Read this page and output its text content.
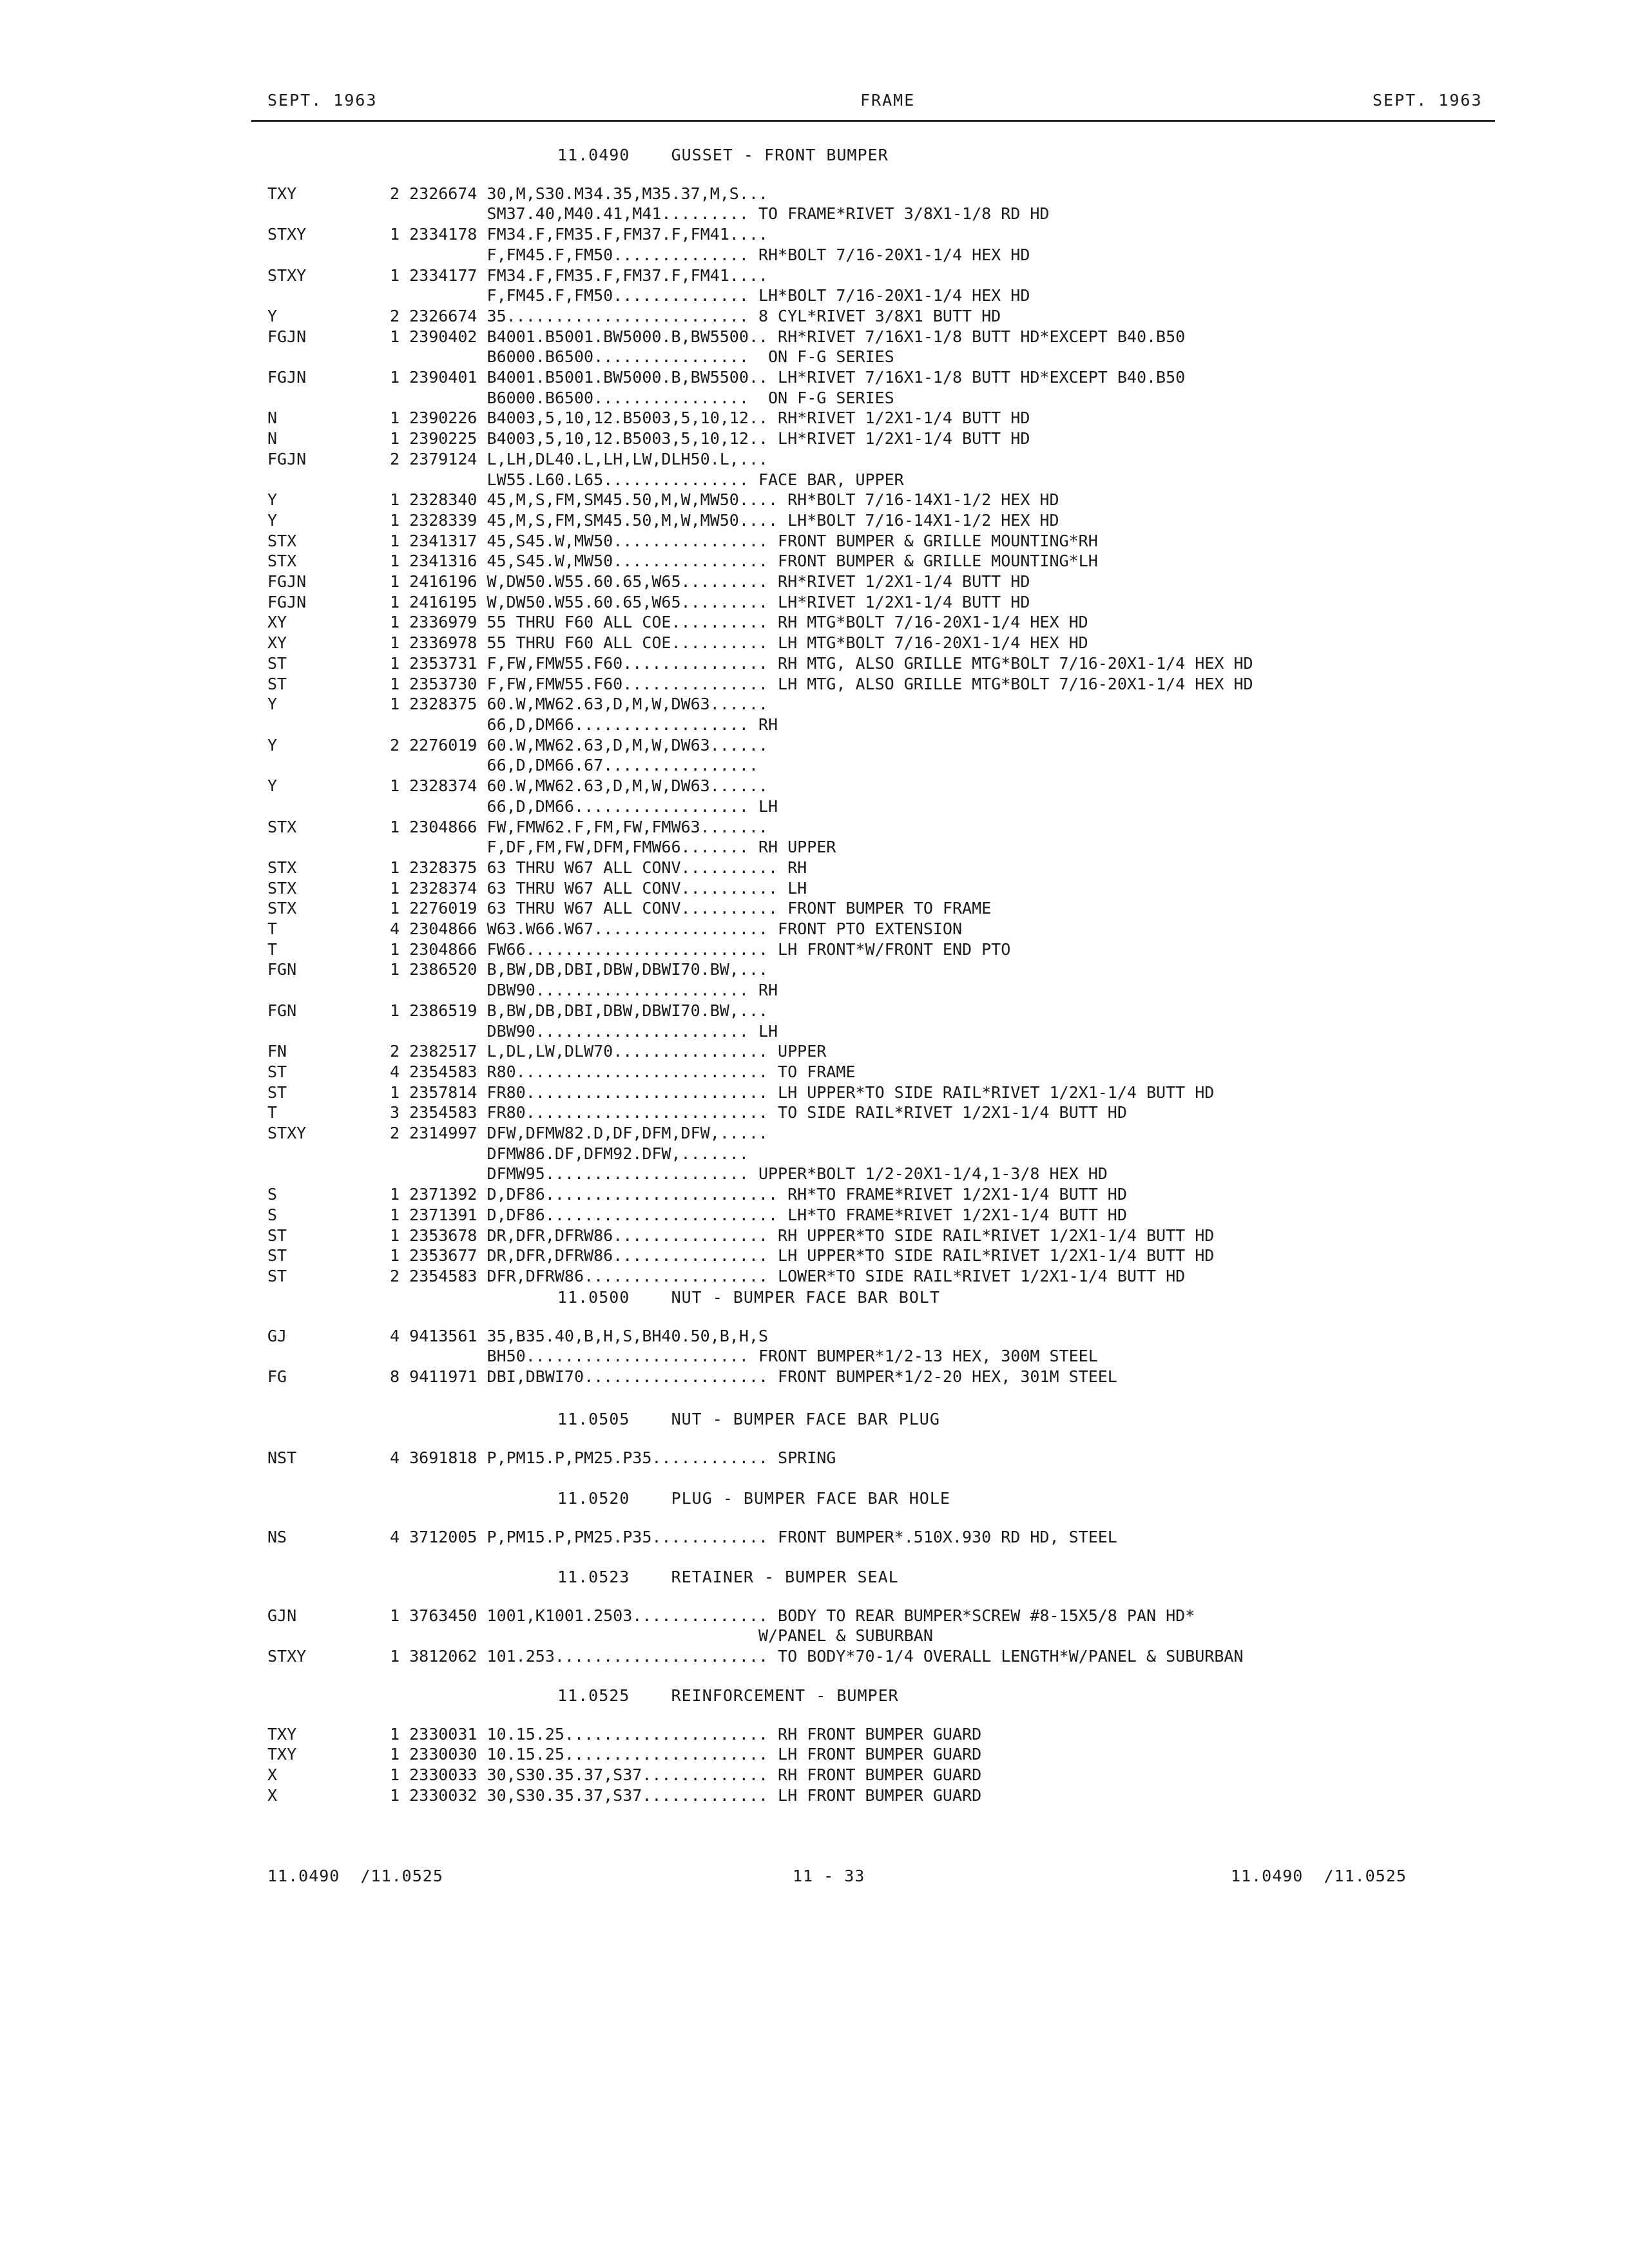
SEPT. 1963	FRAME	SEPT. 1963
11.0490    GUSSET - FRONT BUMPER
TXY	2 2326674 30,M,S30.M34.35,M35.37,M,S...
SM37.40,M40.41,M41......... TO FRAME*RIVET 3/8X1-1/8 RD HD
STXY	1 2334178 FM34.F,FM35.F,FM37.F,FM41....
F,FM45.F,FM50.............. RH*BOLT 7/16-20X1-1/4 HEX HD
STXY	1 2334177 FM34.F,FM35.F,FM37.F,FM41....
F,FM45.F,FM50.............. LH*BOLT 7/16-20X1-1/4 HEX HD
Y	2 2326674 35......................... 8 CYL*RIVET 3/8X1 BUTT HD
FGJN	1 2390402 B4001.B5001.BW5000.B,BW5500.. RH*RIVET 7/16X1-1/8 BUTT HD*EXCEPT B40.B50
B6000.B6500................  ON F-G SERIES
FGJN	1 2390401 B4001.B5001.BW5000.B,BW5500.. LH*RIVET 7/16X1-1/8 BUTT HD*EXCEPT B40.B50
B6000.B6500................  ON F-G SERIES
N	1 2390226 B4003,5,10,12.B5003,5,10,12.. RH*RIVET 1/2X1-1/4 BUTT HD
N	1 2390225 B4003,5,10,12.B5003,5,10,12.. LH*RIVET 1/2X1-1/4 BUTT HD
FGJN	2 2379124 L,LH,DL40.L,LH,LW,DLH50.L,...
LW55.L60.L65............... FACE BAR, UPPER
Y	1 2328340 45,M,S,FM,SM45.50,M,W,MW50.... RH*BOLT 7/16-14X1-1/2 HEX HD
Y	1 2328339 45,M,S,FM,SM45.50,M,W,MW50.... LH*BOLT 7/16-14X1-1/2 HEX HD
STX	1 2341317 45,S45.W,MW50................ FRONT BUMPER & GRILLE MOUNTING*RH
STX	1 2341316 45,S45.W,MW50................ FRONT BUMPER & GRILLE MOUNTING*LH
FGJN	1 2416196 W,DW50.W55.60.65,W65......... RH*RIVET 1/2X1-1/4 BUTT HD
FGJN	1 2416195 W,DW50.W55.60.65,W65......... LH*RIVET 1/2X1-1/4 BUTT HD
XY	1 2336979 55 THRU F60 ALL COE.......... RH MTG*BOLT 7/16-20X1-1/4 HEX HD
XY	1 2336978 55 THRU F60 ALL COE.......... LH MTG*BOLT 7/16-20X1-1/4 HEX HD
ST	1 2353731 F,FW,FMW55.F60............... RH MTG, ALSO GRILLE MTG*BOLT 7/16-20X1-1/4 HEX HD
ST	1 2353730 F,FW,FMW55.F60............... LH MTG, ALSO GRILLE MTG*BOLT 7/16-20X1-1/4 HEX HD
Y	1 2328375 60.W,MW62.63,D,M,W,DW63......
66,D,DM66.................. RH
Y	2 2276019 60.W,MW62.63,D,M,W,DW63......
66,D,DM66.67................
Y	1 2328374 60.W,MW62.63,D,M,W,DW63......
66,D,DM66.................. LH
STX	1 2304866 FW,FMW62.F,FM,FW,FMW63.......
F,DF,FM,FW,DFM,FMW66....... RH UPPER
STX	1 2328375 63 THRU W67 ALL CONV.......... RH
STX	1 2328374 63 THRU W67 ALL CONV.......... LH
STX	1 2276019 63 THRU W67 ALL CONV.......... FRONT BUMPER TO FRAME
T	4 2304866 W63.W66.W67.................. FRONT PTO EXTENSION
T	1 2304866 FW66......................... LH FRONT*W/FRONT END PTO
FGN	1 2386520 B,BW,DB,DBI,DBW,DBWI70.BW,...
DBW90...................... RH
FGN	1 2386519 B,BW,DB,DBI,DBW,DBWI70.BW,...
DBW90...................... LH
FN	2 2382517 L,DL,LW,DLW70................ UPPER
ST	4 2354583 R80.......................... TO FRAME
ST	1 2357814 FR80......................... LH UPPER*TO SIDE RAIL*RIVET 1/2X1-1/4 BUTT HD
T	3 2354583 FR80......................... TO SIDE RAIL*RIVET 1/2X1-1/4 BUTT HD
STXY	2 2314997 DFW,DFMW82.D,DF,DFM,DFW,.....
DFMW86.DF,DFM92.DFW,.......
DFMW95..................... UPPER*BOLT 1/2-20X1-1/4,1-3/8 HEX HD
S	1 2371392 D,DF86........................ RH*TO FRAME*RIVET 1/2X1-1/4 BUTT HD
S	1 2371391 D,DF86........................ LH*TO FRAME*RIVET 1/2X1-1/4 BUTT HD
ST	1 2353678 DR,DFR,DFRW86................ RH UPPER*TO SIDE RAIL*RIVET 1/2X1-1/4 BUTT HD
ST	1 2353677 DR,DFR,DFRW86................ LH UPPER*TO SIDE RAIL*RIVET 1/2X1-1/4 BUTT HD
ST	2 2354583 DFR,DFRW86................... LOWER*TO SIDE RAIL*RIVET 1/2X1-1/4 BUTT HD
11.0500    NUT - BUMPER FACE BAR BOLT
GJ	4 9413561 35,B35.40,B,H,S,BH40.50,B,H,S
BH50....................... FRONT BUMPER*1/2-13 HEX, 300M STEEL
FG	8 9411971 DBI,DBWI70................... FRONT BUMPER*1/2-20 HEX, 301M STEEL
11.0505    NUT - BUMPER FACE BAR PLUG
NST	4 3691818 P,PM15.P,PM25.P35............ SPRING
11.0520    PLUG - BUMPER FACE BAR HOLE
NS	4 3712005 P,PM15.P,PM25.P35............ FRONT BUMPER*.510X.930 RD HD, STEEL
11.0523    RETAINER - BUMPER SEAL
GJN	1 3763450 1001,K1001.2503.............. BODY TO REAR BUMPER*SCREW #8-15X5/8 PAN HD*
W/PANEL & SUBURBAN
STXY	1 3812062 101.253...................... TO BODY*70-1/4 OVERALL LENGTH*W/PANEL & SUBURBAN
11.0525    REINFORCEMENT - BUMPER
TXY	1 2330031 10.15.25..................... RH FRONT BUMPER GUARD
TXY	1 2330030 10.15.25..................... LH FRONT BUMPER GUARD
X	1 2330033 30,S30.35.37,S37............. RH FRONT BUMPER GUARD
X	1 2330032 30,S30.35.37,S37............. LH FRONT BUMPER GUARD
11.0490  /11.0525	11 - 33	11.0490  /11.0525
